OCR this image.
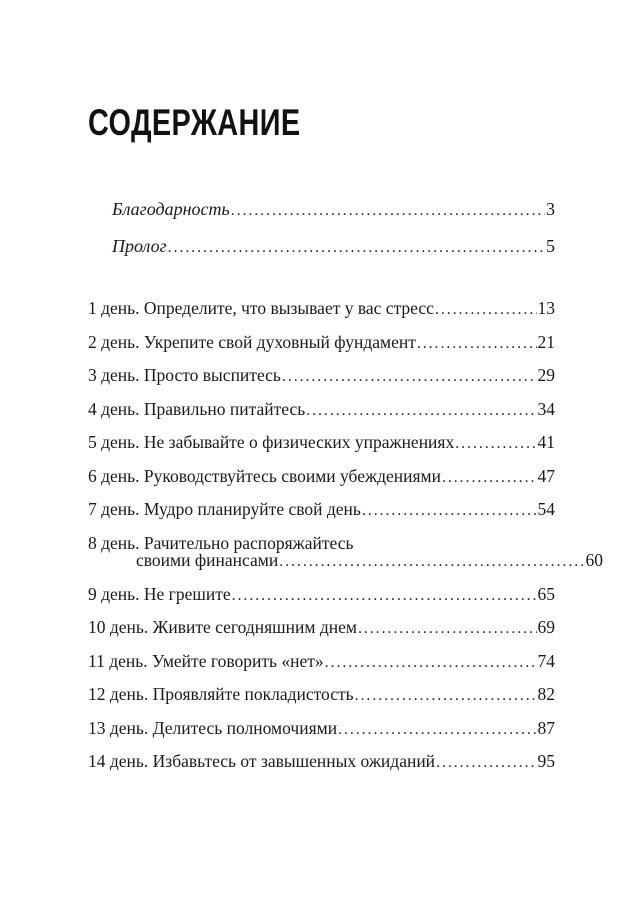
СОДЕРЖАНИЕ
Благодарность .....	3
Пролог .....	5
1 день. Определите, что вызывает у вас стресс .....	13
2 день. Укрепите свой духовный фундамент .....	21
3 день. Просто выспитесь .....	29
4 день. Правильно питайтесь .....	34
5 день. Не забывайте о физических упражнениях .....	41
6 день. Руководствуйтесь своими убеждениями .....	47
7 день. Мудро планируйте свой день .....	54
8 день. Рачительно распоряжайтесь
своими финансами .....	60
9 день. Не грешите .....	65
10 день. Живите сегодняшним днем .....	69
11 день. Умейте говорить «нет» .....	74
12 день. Проявляйте покладистость .....	82
13 день. Делитесь полномочиями .....	87
14 день. Избавьтесь от завышенных ожиданий .....	95
